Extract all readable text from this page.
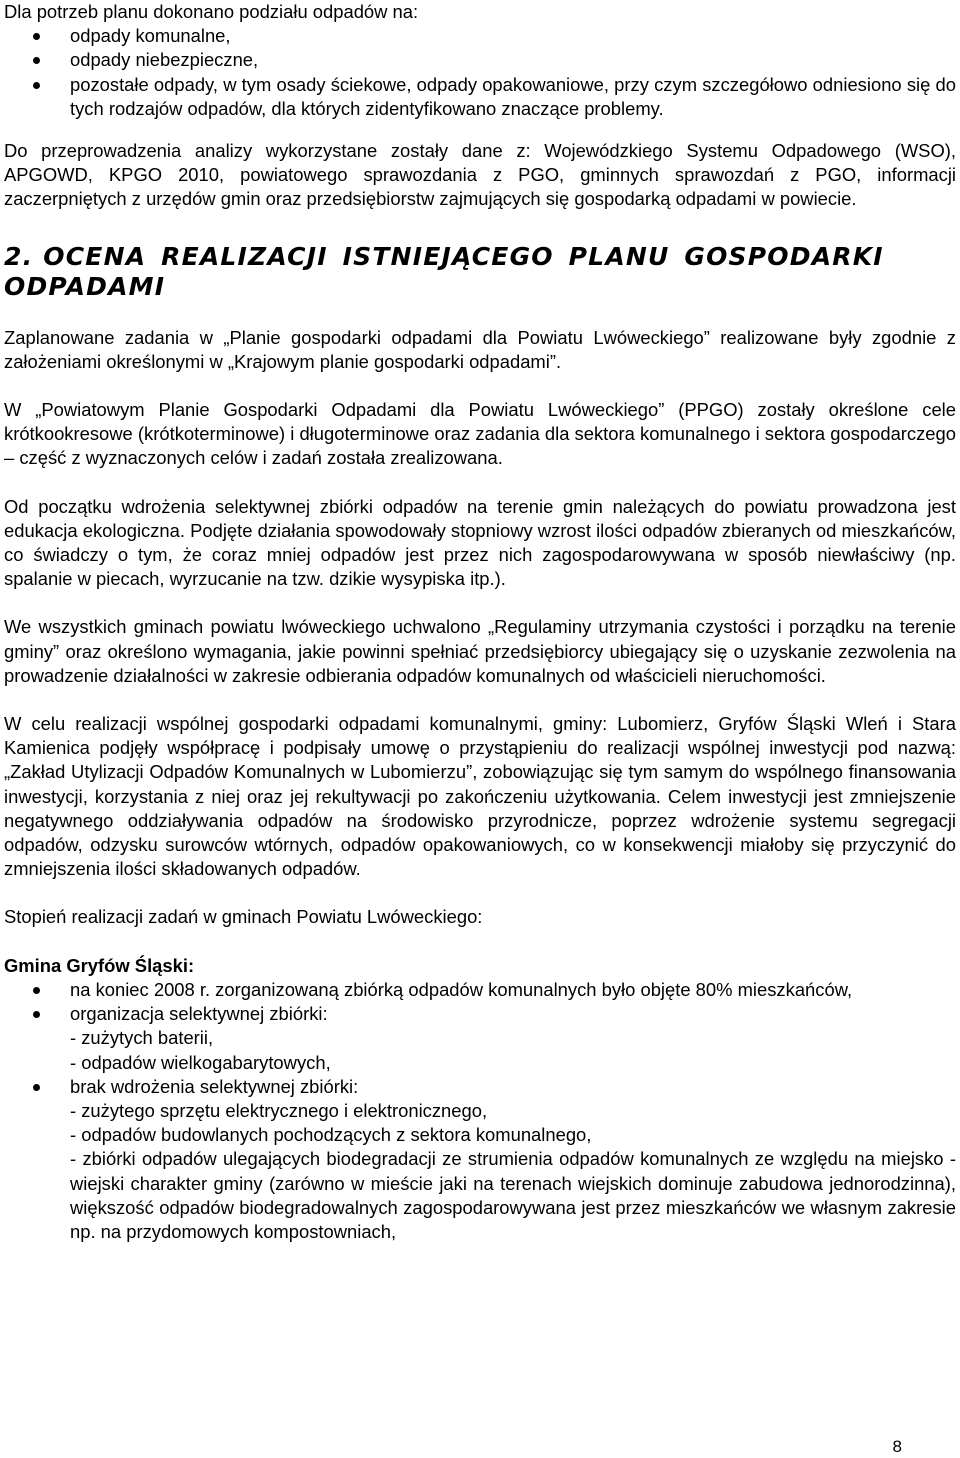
Dla potrzeb planu dokonano podziału odpadów na:

odpady komunalne,
odpady niebezpieczne,
pozostałe odpady, w tym osady ściekowe, odpady opakowaniowe, przy czym szczegółowo odniesiono się do tych rodzajów odpadów, dla których zidentyfikowano znaczące problemy.

Do przeprowadzenia analizy wykorzystane zostały dane z: Wojewódzkiego Systemu Odpadowego (WSO), APGOWD, KPGO 2010, powiatowego sprawozdania z PGO, gminnych sprawozdań z PGO, informacji zaczerpniętych z urzędów gmin oraz przedsiębiorstw zajmujących się gospodarką odpadami w powiecie.

2. OCENA REALIZACJI ISTNIEJĄCEGO PLANU GOSPODARKI ODPADAMI

Zaplanowane zadania w „Planie gospodarki odpadami dla Powiatu Lwóweckiego” realizowane były zgodnie z założeniami określonymi w „Krajowym planie gospodarki odpadami”.

W „Powiatowym Planie Gospodarki Odpadami dla Powiatu Lwóweckiego” (PPGO) zostały określone cele krótkookresowe (krótkoterminowe) i długoterminowe oraz zadania dla sektora komunalnego i sektora gospodarczego – część z wyznaczonych celów i zadań została zrealizowana.

Od początku wdrożenia selektywnej zbiórki odpadów na terenie gmin należących do powiatu prowadzona jest edukacja ekologiczna. Podjęte działania spowodowały stopniowy wzrost ilości odpadów zbieranych od mieszkańców, co świadczy o tym, że coraz mniej odpadów jest przez nich zagospodarowywana w sposób niewłaściwy (np. spalanie w piecach, wyrzucanie na tzw. dzikie wysypiska itp.).

We wszystkich gminach powiatu lwóweckiego uchwalono „Regulaminy utrzymania czystości i porządku na terenie gminy” oraz określono wymagania, jakie powinni spełniać przedsiębiorcy ubiegający się o uzyskanie zezwolenia na prowadzenie działalności w zakresie odbierania odpadów komunalnych od właścicieli nieruchomości.

W celu realizacji wspólnej gospodarki odpadami komunalnymi, gminy: Lubomierz, Gryfów Śląski Wleń i Stara Kamienica podjęły współpracę i podpisały umowę o przystąpieniu do realizacji wspólnej inwestycji pod nazwą: „Zakład Utylizacji Odpadów Komunalnych w Lubomierzu”, zobowiązując się tym samym do wspólnego finansowania inwestycji, korzystania z niej oraz jej rekultywacji po zakończeniu użytkowania. Celem inwestycji jest zmniejszenie negatywnego oddziaływania odpadów na środowisko przyrodnicze, poprzez wdrożenie systemu segregacji odpadów, odzysku surowców wtórnych, odpadów opakowaniowych, co w konsekwencji miałoby się przyczynić do zmniejszenia ilości składowanych odpadów.

Stopień realizacji zadań w gminach Powiatu Lwóweckiego:

Gmina Gryfów Śląski:

na koniec 2008 r. zorganizowaną zbiórką odpadów komunalnych było objęte 80% mieszkańców,
organizacja selektywnej zbiórki:
- zużytych baterii,
- odpadów wielkogabarytowych,
brak wdrożenia selektywnej zbiórki:
- zużytego sprzętu elektrycznego i elektronicznego,
- odpadów budowlanych pochodzących z sektora komunalnego,
- zbiórki odpadów ulegających biodegradacji ze strumienia odpadów komunalnych ze względu na miejsko - wiejski charakter gminy (zarówno w mieście jaki na terenach wiejskich dominuje zabudowa jednorodzinna), większość odpadów biodegradowalnych zagospodarowywana jest przez mieszkańców we własnym zakresie np. na przydomowych kompostowniach,
8
